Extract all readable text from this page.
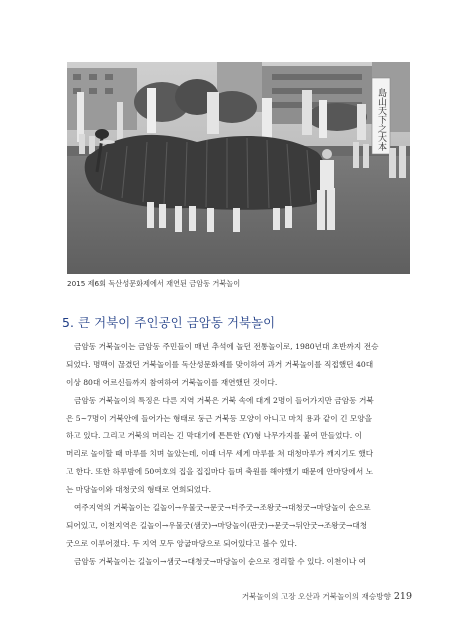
島山天下之大本
2015 제6회 독산성문화제에서 재연된 금암동 거북놀이
5. 큰 거북이 주인공인 금암동 거북놀이
금암동 거북놀이는 금암동 주민들이 매년 추석에 놀던 전통놀이로, 1980년대 초반까지 전승
되었다. 명맥이 끊겼던 거북놀이를 독산성문화제를 맞이하여 과거 거북놀이를 직접했던 40대
이상 80대 어르신들까지 참여하여 거북놀이를 재연했던 것이다.
금암동 거북놀이의 특징은 다른 지역 거북은 거북 속에 대게 2명이 들어가지만 금암동 거북
은 5~7명이 거북안에 들어가는 형태로 둥근 거북등 모양이 아니고 마치 용과 같이 긴 모양을
하고 있다. 그리고 거북의 머리는 긴 막대기에 튼튼한 (Y)형 나무가지를 붙여 만들었다. 이
머리로 놀이할 때 마루를 치며 놀았는데, 이때 너무 세게 마루를 쳐 대청마루가 깨지기도 했다
고 한다. 또한 하루밤에 50여호의 집을 집집마다 들며 축원를 해야했기 때문에 안마당에서 노
는 마당놀이와 대청굿의 형태로 연희되었다.
여주지역의 거북놀이는 길놀이→우물굿→문굿→터주굿→조왕굿→대청굿→마당놀이 순으로
되어있고, 이천지역은 길놀이→우물굿(샘굿)→마당놀이(판굿)→문굿→뒤안굿→조왕굿→대청
굿으로 이루어졌다. 두 지역 모두 앙굽마당으로 되어있다고 볼수 있다.
금암동 거북놀이는 길놀이→샘굿→대청굿→마당놀이 순으로 정리할 수 있다. 이천이나 여
거북놀이의 고장 오산과 거북놀이의 재승방향 219
